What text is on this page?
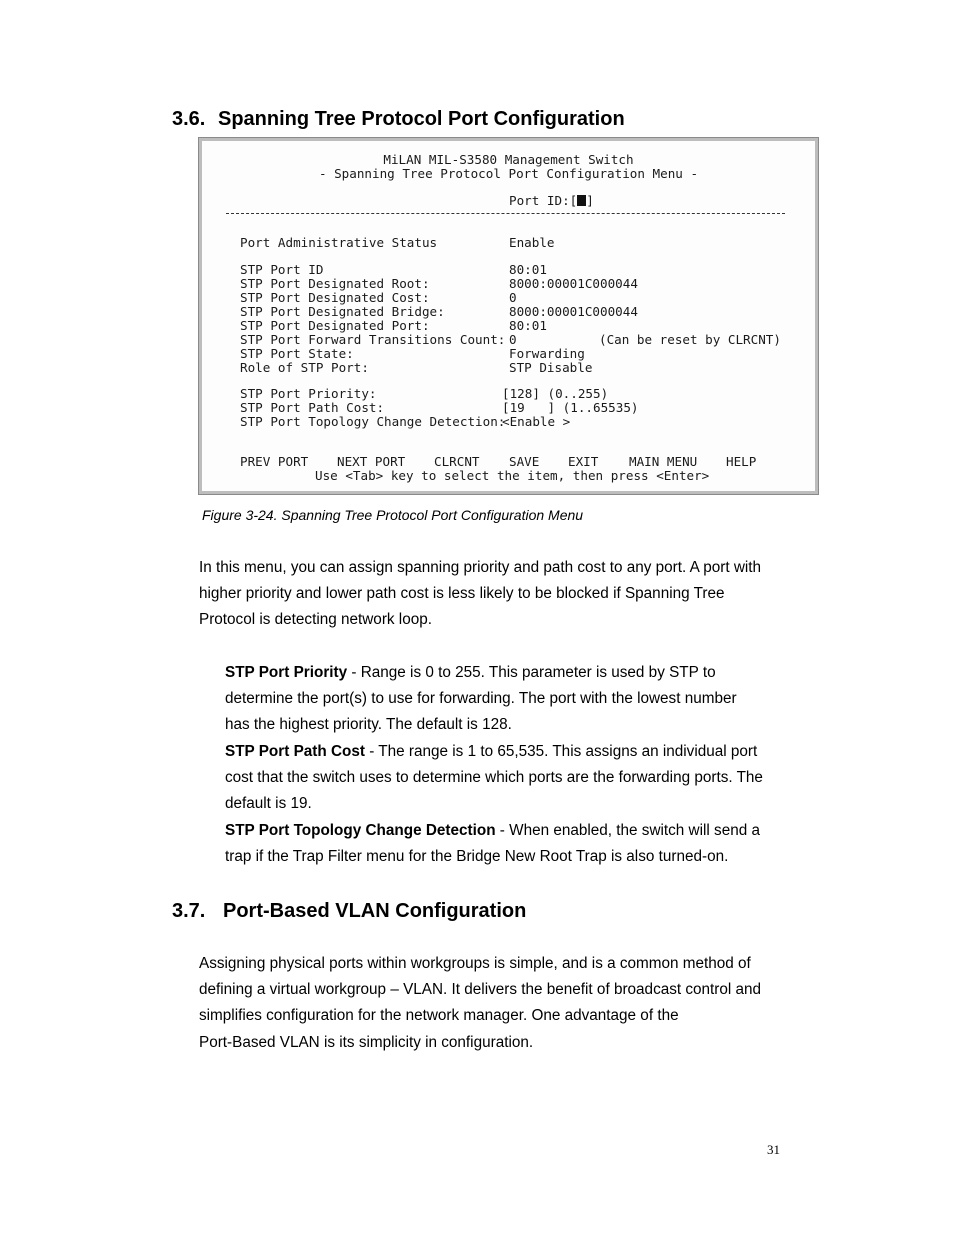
3.6. Spanning Tree Protocol Port Configuration
MiLAN MIL-S3580 Management Switch
- Spanning Tree Protocol Port Configuration Menu -
Port ID:[ ]
Port Administrative Status	Enable
STP Port ID	80:01
STP Port Designated Root:	8000:00001C000044
STP Port Designated Cost:	0
STP Port Designated Bridge:	8000:00001C000044
STP Port Designated Port:	80:01
STP Port Forward Transitions Count: 0	(Can be reset by CLRCNT)
STP Port State:	Forwarding
Role of STP Port:	STP Disable
STP Port Priority:	[128] (0..255)
STP Port Path Cost:	[19   ] (1..65535)
STP Port Topology Change Detection:
<Enable >
PREV PORT NEXT PORT CLRCNT SAVE EXIT MAIN MENU HELP
Use <Tab> key to select the item, then press <Enter>
Figure 3-24. Spanning Tree Protocol Port Configuration Menu
In this menu, you can assign spanning priority and path cost to any port. A port with
higher priority and lower path cost is less likely to be blocked if Spanning Tree
Protocol is detecting network loop.
STP Port Priority - Range is 0 to 255. This parameter is used by STP to
determine the port(s) to use for forwarding. The port with the lowest number
has the highest priority. The default is 128.
STP Port Path Cost - The range is 1 to 65,535. This assigns an individual port
cost that the switch uses to determine which ports are the forwarding ports. The
default is 19.
STP Port Topology Change Detection - When enabled, the switch will send a
trap if the Trap Filter menu for the Bridge New Root Trap is also turned-on.
3.7. Port-Based VLAN Configuration
Assigning physical ports within workgroups is simple, and is a common method of
defining a virtual workgroup – VLAN. It delivers the benefit of broadcast control and
simplifies configuration for the network manager. One advantage of the
Port-Based VLAN is its simplicity in configuration.
31
